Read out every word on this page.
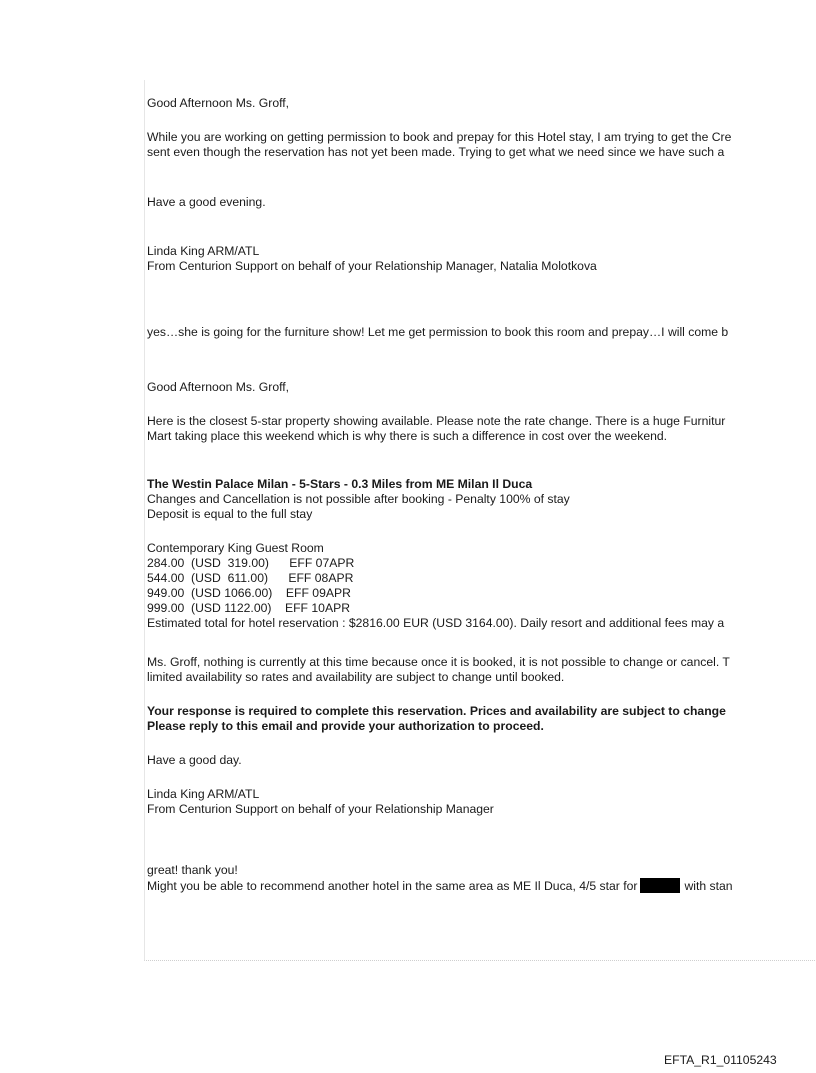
Good Afternoon Ms. Groff,
While you are working on getting permission to book and prepay for this Hotel stay, I am trying to get the Cre
sent even though the reservation has not yet been made. Trying to get what we need since we have such a
Have a good evening.
Linda King ARM/ATL
From Centurion Support on behalf of your Relationship Manager, Natalia Molotkova
yes…she is going for the furniture show! Let me get permission to book this room and prepay…I will come b
Good Afternoon Ms. Groff,
Here is the closest 5-star property showing available. Please note the rate change. There is a huge Furnitur
Mart taking place this weekend which is why there is such a difference in cost over the weekend.
The Westin Palace Milan - 5-Stars - 0.3 Miles from ME Milan Il Duca
Changes and Cancellation is not possible after booking - Penalty 100% of stay
Deposit is equal to the full stay
Contemporary King Guest Room
284.00  (USD  319.00)      EFF 07APR
544.00  (USD  611.00)      EFF 08APR
949.00  (USD 1066.00)    EFF 09APR
999.00  (USD 1122.00)    EFF 10APR
Estimated total for hotel reservation : $2816.00 EUR (USD 3164.00). Daily resort and additional fees may a
Ms. Groff, nothing is currently at this time because once it is booked, it is not possible to change or cancel. T
limited availability so rates and availability are subject to change until booked.
Your response is required to complete this reservation. Prices and availability are subject to change
Please reply to this email and provide your authorization to proceed.
Have a good day.
Linda King ARM/ATL
From Centurion Support on behalf of your Relationship Manager
great! thank you!
Might you be able to recommend another hotel in the same area as ME Il Duca, 4/5 star for	with stan
EFTA_R1_01105243
